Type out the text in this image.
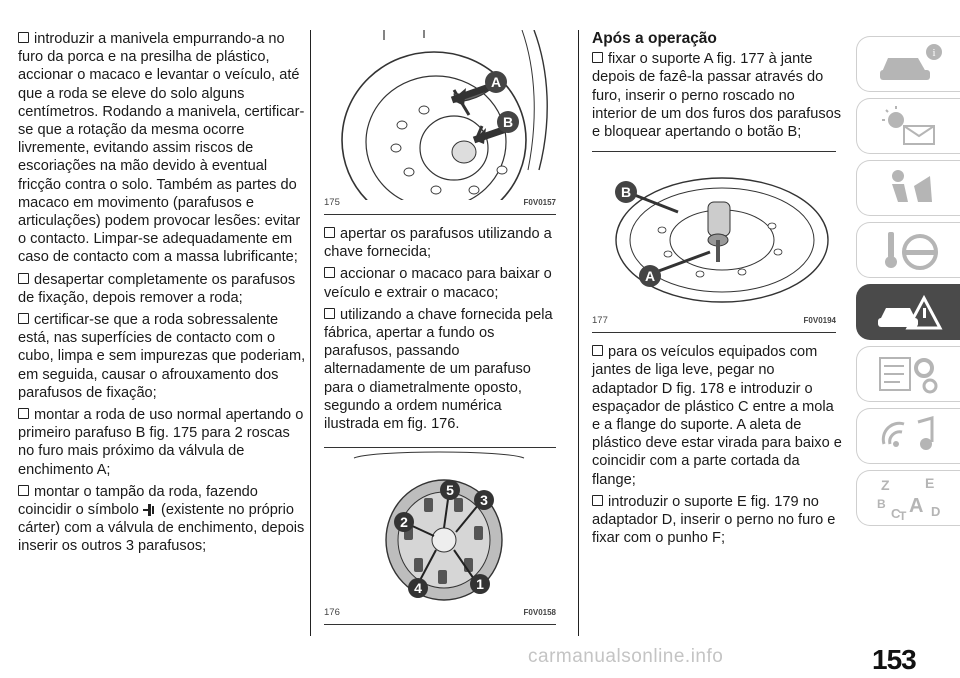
introduzir a manivela empurrando-a no furo da porca e na presilha de plástico, accionar o macaco e levantar o veículo, até que a roda se eleve do solo alguns centímetros. Rodando a manivela, certificar-se que a rotação da mesma ocorre livremente, evitando assim riscos de escoriações na mão devido à eventual fricção contra o solo. Também as partes do macaco em movimento (parafusos e articulações) podem provocar lesões: evitar o contacto. Limpar-se adequadamente em caso de contacto com a massa lubrificante;

desapertar completamente os parafusos de fixação, depois remover a roda;

certificar-se que a roda sobressalente está, nas superfícies de contacto com o cubo, limpa e sem impurezas que poderiam, em seguida, causar o afrouxamento dos parafusos de fixação;

montar a roda de uso normal apertando o primeiro parafuso B fig. 175 para 2 roscas no furo mais próximo da válvula de enchimento A;

montar o tampão da roda, fazendo coincidir o símbolo (existente no próprio cárter) com a válvula de enchimento, depois inserir os outros 3 parafusos;

A
B
175	F0V0157

apertar os parafusos utilizando a chave fornecida;

accionar o macaco para baixar o veículo e extrair o macaco;

utilizando a chave fornecida pela fábrica, apertar a fundo os parafusos, passando alternadamente de um parafuso para o diametralmente oposto, segundo a ordem numérica ilustrada em fig. 176.

5
3
2
4	1
176	F0V0158
Após a operação

fixar o suporte A fig. 177 à jante depois de fazê-la passar através do furo, inserir o perno roscado no interior de um dos furos dos parafusos e bloquear apertando o botão B;

B
A
177	F0V0194

para os veículos equipados com jantes de liga leve, pegar no adaptador D fig. 178 e introduzir o espaçador de plástico C entre a mola e a flange do suporte. A aleta de plástico deve estar virada para baixo e coincidir com a parte cortada da flange;

introduzir o suporte E fig. 179 no adaptador D, inserir o perno no furo e fixar com o punho F;

i
Z	E
B A
C
T D
153
carmanualsonline.info
